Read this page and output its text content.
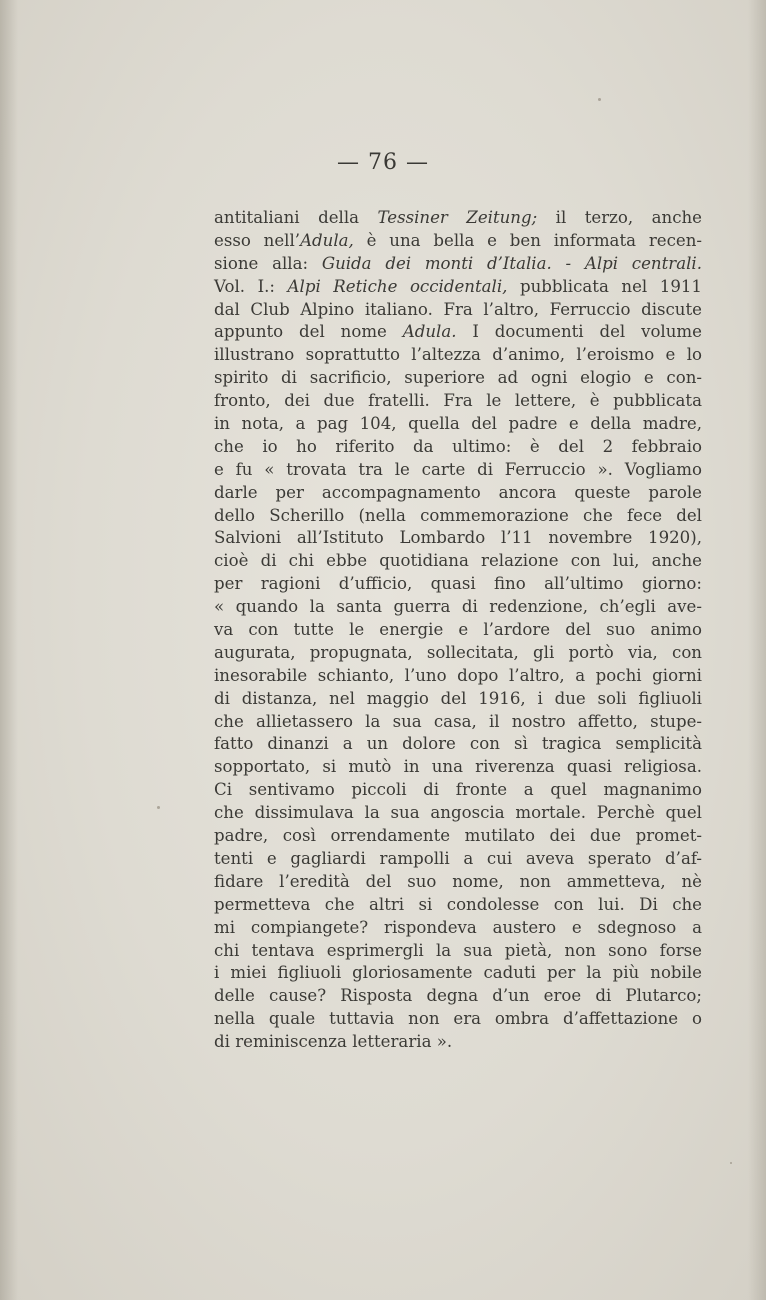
— 76 —
antitaliani della Tessiner Zeitung; il terzo, anche
esso nell’Adula, è una bella e ben informata recen-
sione alla: Guida dei monti d’Italia. - Alpi centrali.
Vol. I.: Alpi Retiche occidentali, pubblicata nel 1911
dal Club Alpino italiano. Fra l’altro, Ferruccio discute
appunto del nome Adula. I documenti del volume
illustrano soprattutto l’altezza d’animo, l’eroismo e lo
spirito di sacrificio, superiore ad ogni elogio e con-
fronto, dei due fratelli. Fra le lettere, è pubblicata
in nota, a pag 104, quella del padre e della madre,
che io ho riferito da ultimo: è del 2 febbraio
e fu « trovata tra le carte di Ferruccio ». Vogliamo
darle per accompagnamento ancora queste parole
dello Scherillo (nella commemorazione che fece del
Salvioni all’Istituto Lombardo l’11 novembre 1920),
cioè di chi ebbe quotidiana relazione con lui, anche
per ragioni d’ufficio, quasi fino all’ultimo giorno:
« quando la santa guerra di redenzione, ch’egli ave-
va con tutte le energie e l’ardore del suo animo
augurata, propugnata, sollecitata, gli portò via, con
inesorabile schianto, l’uno dopo l’altro, a pochi giorni
di distanza, nel maggio del 1916, i due soli figliuoli
che allietassero la sua casa, il nostro affetto, stupe-
fatto dinanzi a un dolore con sì tragica semplicità
sopportato, si mutò in una riverenza quasi religiosa.
Ci sentivamo piccoli di fronte a quel magnanimo
che dissimulava la sua angoscia mortale. Perchè quel
padre, così orrendamente mutilato dei due promet-
tenti e gagliardi rampolli a cui aveva sperato d’af-
fidare l’eredità del suo nome, non ammetteva, nè
permetteva che altri si condolesse con lui. Di che
mi compiangete? rispondeva austero e sdegnoso a
chi tentava esprimergli la sua pietà, non sono forse
i miei figliuoli gloriosamente caduti per la più nobile
delle cause? Risposta degna d’un eroe di Plutarco;
nella quale tuttavia non era ombra d’affettazione o
di reminiscenza letteraria ».
